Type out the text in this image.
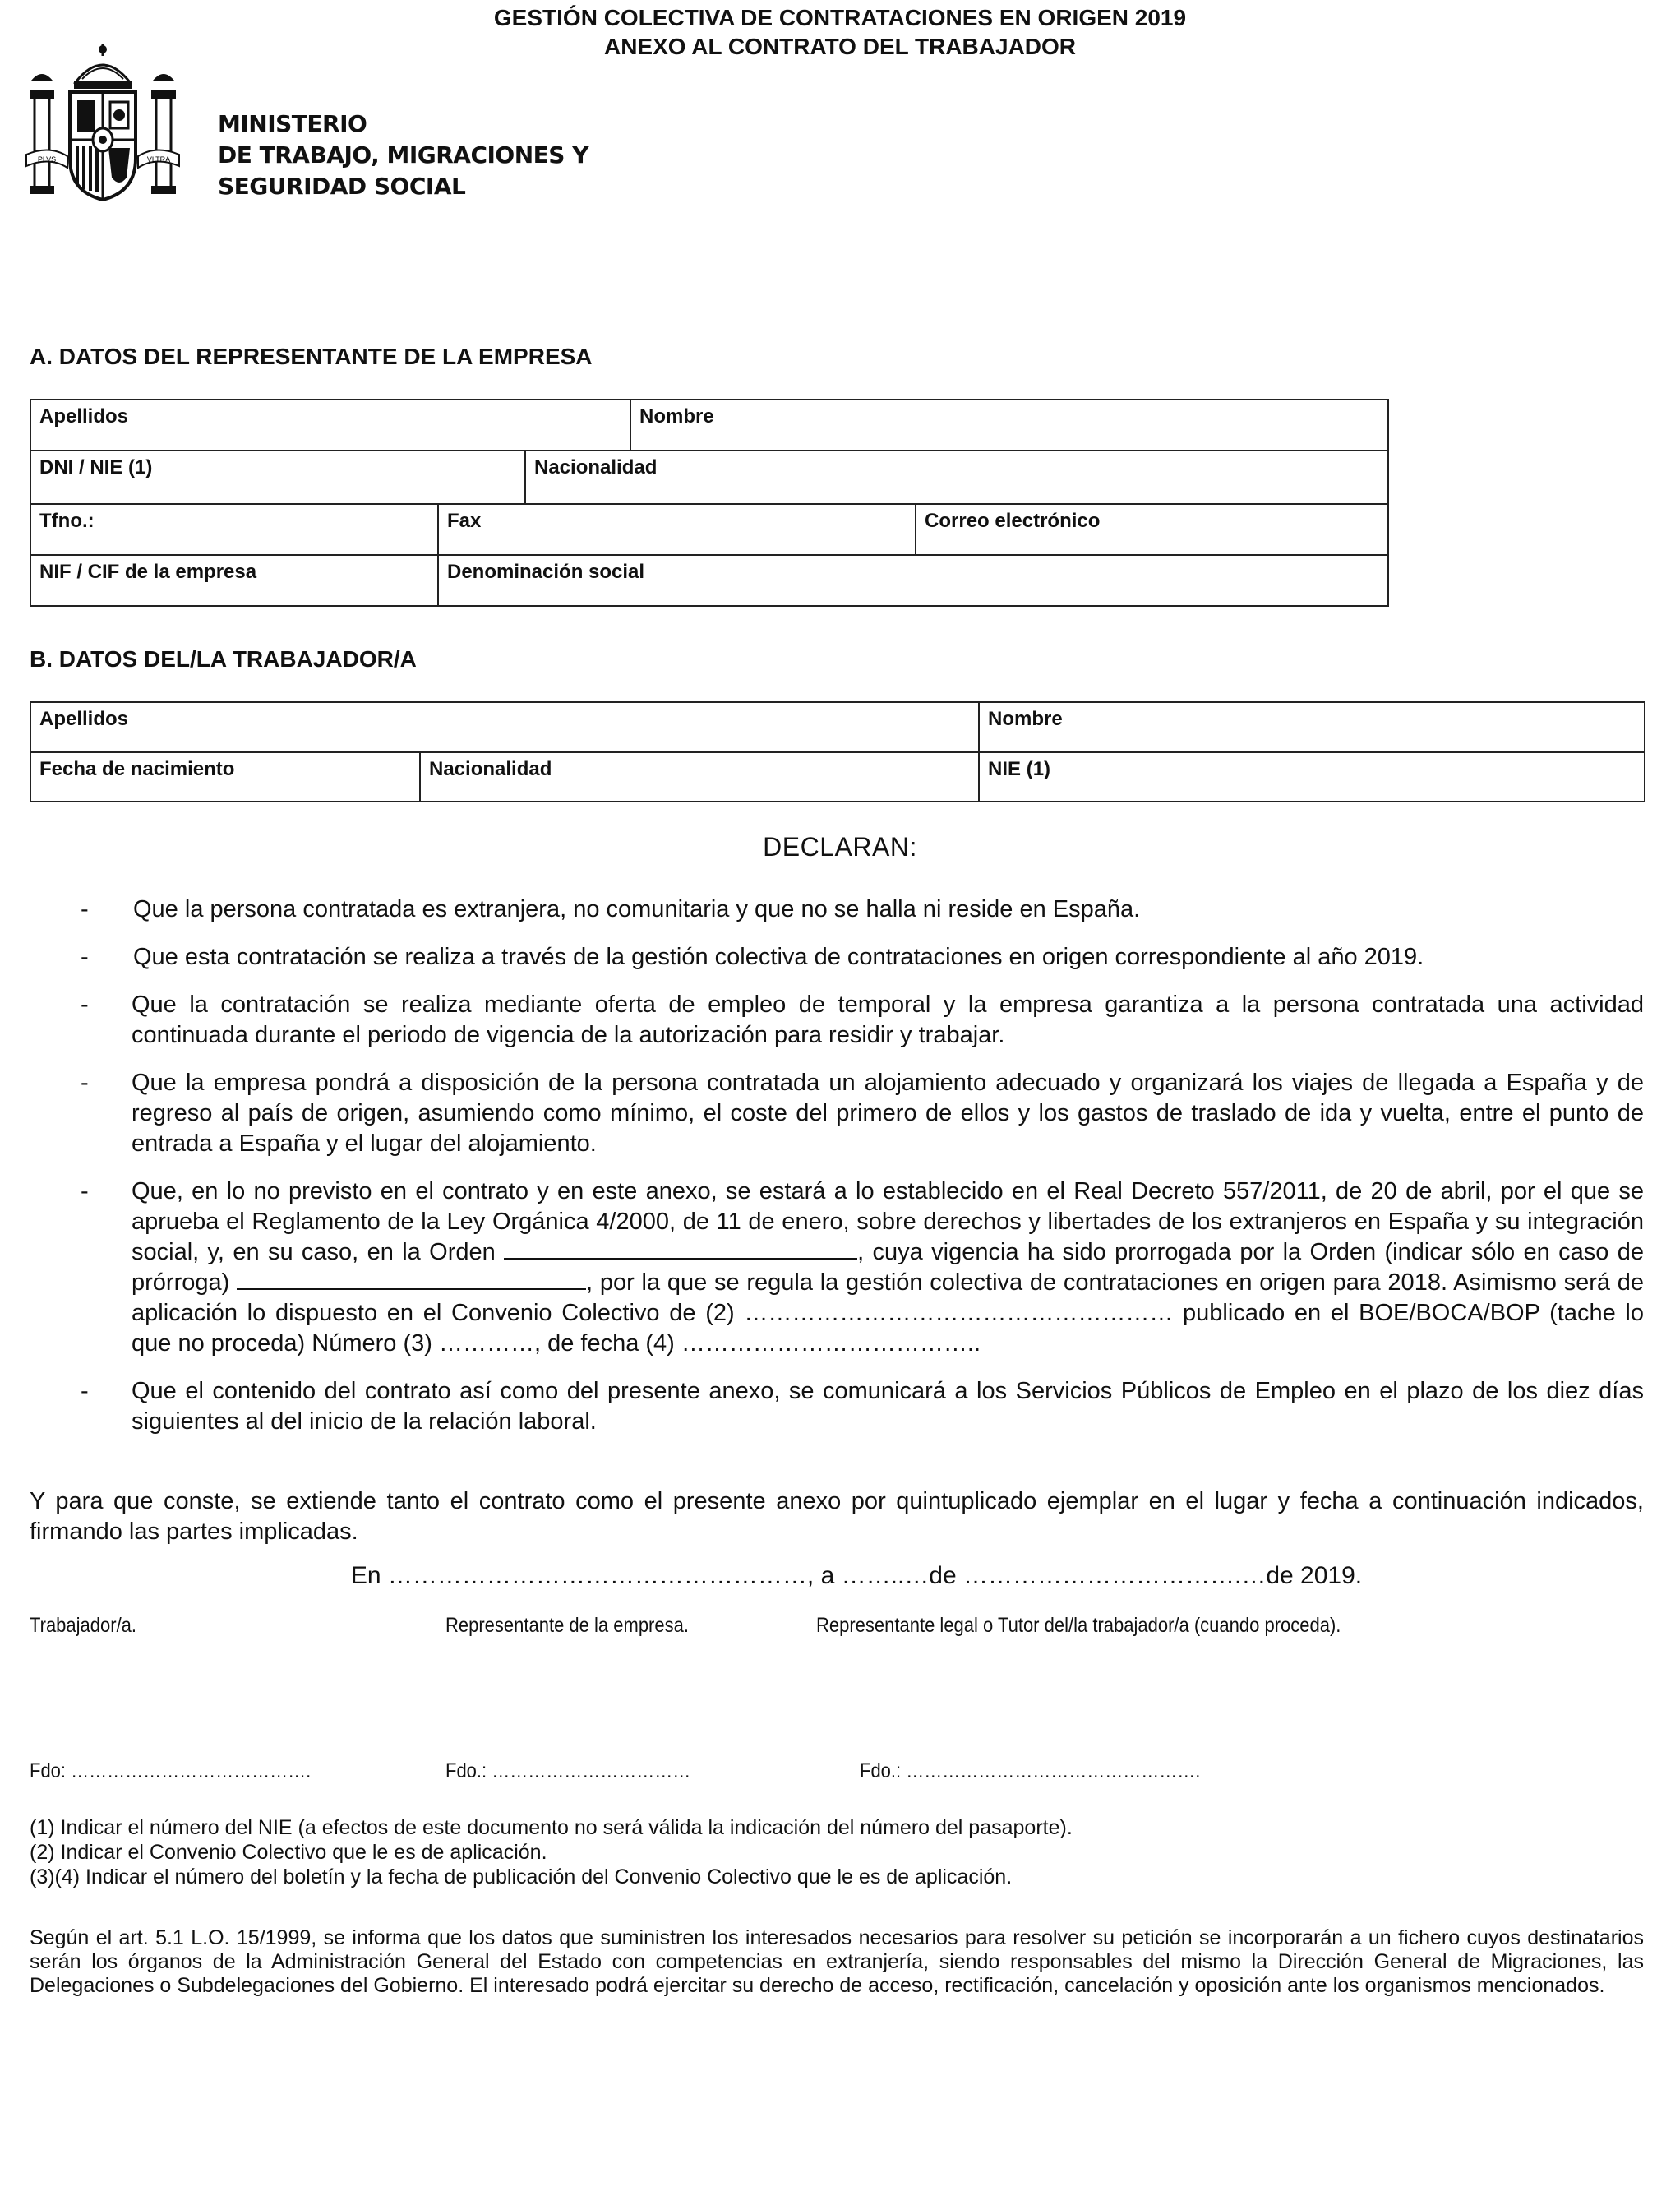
GESTIÓN COLECTIVA DE CONTRATACIONES EN ORIGEN 2019
ANEXO AL CONTRATO DEL TRABAJADOR
PLVS	VLTRA
MINISTERIO
DE TRABAJO, MIGRACIONES Y
SEGURIDAD SOCIAL
A. DATOS DEL REPRESENTANTE DE LA EMPRESA
Apellidos			Nombre	
DNI / NIE (1)		Nacionalidad		
Tfno.:	Fax			Correo electrónico
NIF / CIF de la empresa	Denominación social			
B. DATOS DEL/LA TRABAJADOR/A
Apellidos		Nombre
Fecha de nacimiento	Nacionalidad	NIE (1)
DECLARAN:
- Que la persona contratada es extranjera, no comunitaria y que no se halla ni reside en España.
- Que esta contratación se realiza a través de la gestión colectiva de contrataciones en origen correspondiente al año 2019.
- Que la contratación se realiza mediante oferta de empleo de temporal y la empresa garantiza a la persona contratada una actividad continuada durante el periodo de vigencia de la autorización para residir y trabajar.
- Que la empresa pondrá a disposición de la persona contratada un alojamiento adecuado y organizará los viajes de llegada a España y de regreso al país de origen, asumiendo como mínimo, el coste del primero de ellos y los gastos de traslado de ida y vuelta, entre el punto de entrada a España y el lugar del alojamiento.
- Que, en lo no previsto en el contrato y en este anexo, se estará a lo establecido en el Real Decreto 557/2011, de 20 de abril, por el que se aprueba el Reglamento de la Ley Orgánica 4/2000, de 11 de enero, sobre derechos y libertades de los extranjeros en España y su integración social, y, en su caso, en la Orden	, cuya vigencia ha sido prorrogada por la Orden (indicar sólo en caso de prórroga)	, por la que se regula la gestión colectiva de contrataciones en origen para 2018. Asimismo será de aplicación lo dispuesto en el Convenio Colectivo de (2) ……………………………………………… publicado en el BOE/BOCA/BOP (tache lo que no proceda) Número (3) …………, de fecha (4) ………………………………..
- Que el contenido del contrato así como del presente anexo, se comunicará a los Servicios Públicos de Empleo en el plazo de los diez días siguientes al del inicio de la relación laboral.
Y para que conste, se extiende tanto el contrato como el presente anexo por quintuplicado ejemplar en el lugar y fecha a continuación indicados, firmando las partes implicadas.
En ……………………………………………, a ……..…de …………………………….…de 2019.
Trabajador/a.	Representante de la empresa.	Representante legal o Tutor del/la trabajador/a (cuando proceda).
Fdo: ………………………………….	Fdo.: ……………………………	Fdo.: ………………………………………….
(1) Indicar el número del NIE (a efectos de este documento no será válida la indicación del número del pasaporte).
(2) Indicar el Convenio Colectivo que le es de aplicación.
(3)(4) Indicar el número del boletín y la fecha de publicación del Convenio Colectivo que le es de aplicación.
Según el art. 5.1 L.O. 15/1999, se informa que los datos que suministren los interesados necesarios para resolver su petición se incorporarán a un fichero cuyos destinatarios serán los órganos de la Administración General del Estado con competencias en extranjería, siendo responsables del mismo la Dirección General de Migraciones, las Delegaciones o Subdelegaciones del Gobierno. El interesado podrá ejercitar su derecho de acceso, rectificación, cancelación y oposición ante los organismos mencionados.
